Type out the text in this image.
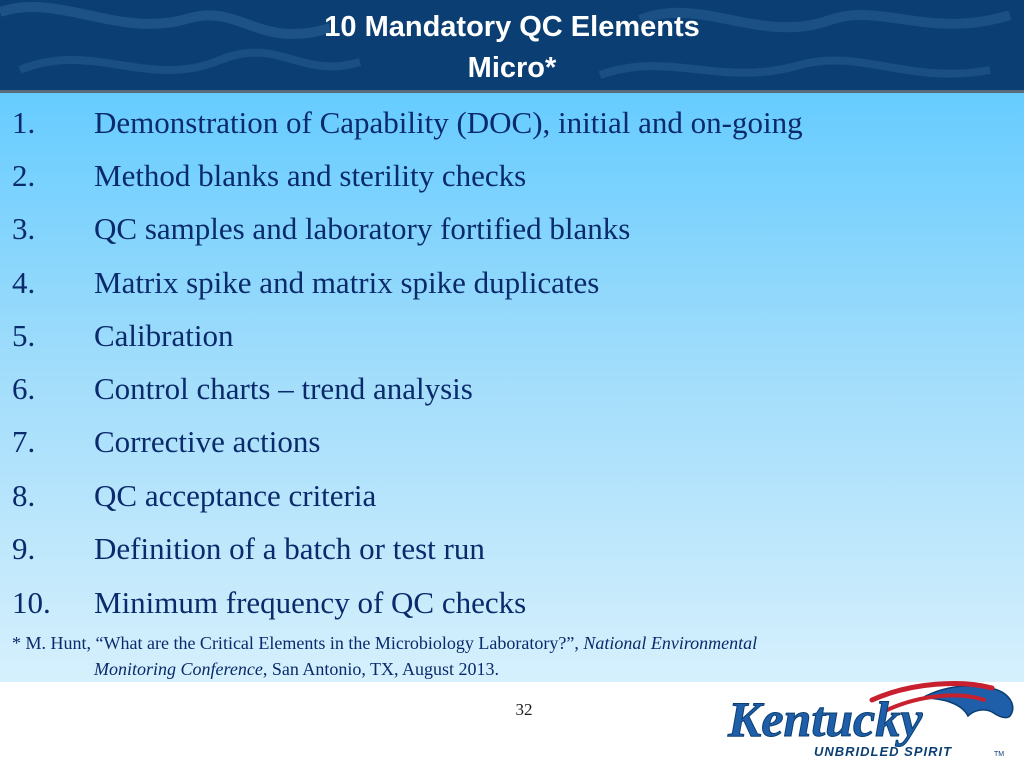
10 Mandatory QC Elements
Micro*
1. Demonstration of Capability (DOC), initial and on-going
2. Method blanks and sterility checks
3. QC samples and laboratory fortified blanks
4. Matrix spike and matrix spike duplicates
5. Calibration
6. Control charts – trend analysis
7. Corrective actions
8. QC acceptance criteria
9. Definition of a batch or test run
10. Minimum frequency of QC checks
* M. Hunt, “What are the Critical Elements in the Microbiology Laboratory?”, National Environmental
Monitoring Conference, San Antonio, TX, August 2013.
32	Kentucky
UNBRIDLED SPIRIT	TM
